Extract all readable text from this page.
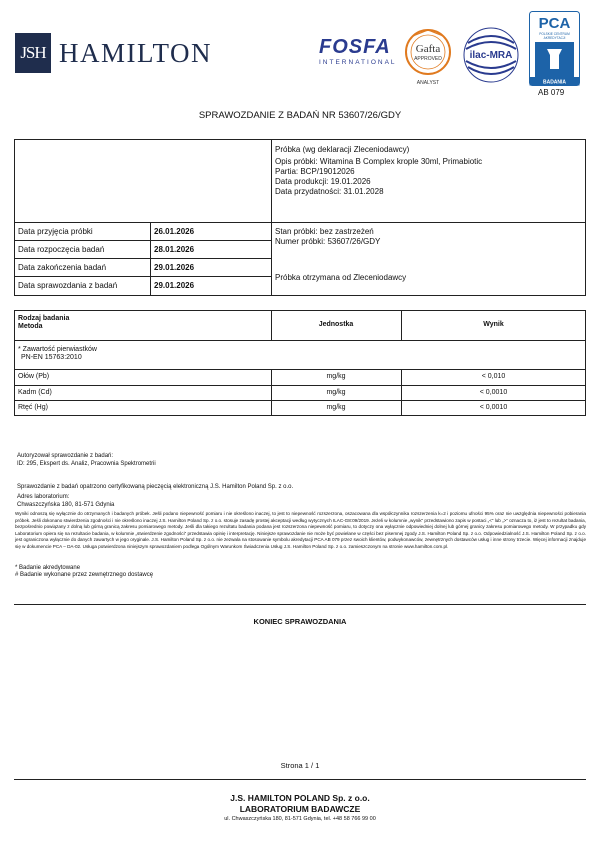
JSH HAMILTON	FOSFA
INTERNATIONAL
Gafta
APPROVED
ANALYST
ilac-MRA
PCA
POLSKIE CENTRUM
AKREDYTACJI
BADANIA
AB 079
SPRAWOZDANIE Z BADAŃ NR 53607/26/GDY
Próbka (wg deklaracji Zleceniodawcy)
Opis próbki: Witamina B Complex krople 30ml, Primabiotic
Partia: BCP/19012026
Data produkcji: 19.01.2026
Data przydatności: 31.01.2028
Stan próbki: bez zastrzeżeń
Numer próbki: 53607/26/GDY
Próbka otrzymana od Zleceniodawcy
Data przyjęcia próbki	26.01.2026
Data rozpoczęcia badań	28.01.2026
Data zakończenia badań	29.01.2026
Data sprawozdania z badań	29.01.2026
Rodzaj badania
Metoda	Jednostka	Wynik
* Zawartość pierwiastków
PN-EN 15763:2010
Ołów (Pb)	mg/kg	< 0,010
Kadm (Cd)	mg/kg	< 0,0010
Rtęć (Hg)	mg/kg	< 0,0010
Autoryzował sprawozdanie z badań:
ID: 295, Ekspert ds. Analiz, Pracownia Spektrometrii
Sprawozdanie z badań opatrzono certyfikowaną pieczęcią elektroniczną J.S. Hamilton Poland Sp. z o.o.
Adres laboratorium:
Chwaszczyńska 180, 81-571 Gdynia
Wyniki odnoszą się wyłącznie do otrzymanych i badanych próbek. Jeśli podano niepewność pomiaru i nie określono inaczej, to jest to niepewność rozszerzona, oszacowana dla współczynnika rozszerzenia k=2 i poziomu ufności 95% oraz nie uwzględnia niepewności pobierania próbek. Jeśli dokonano stwierdzenia zgodności i nie określono inaczej J.S. Hamilton Poland Sp. z o.o. stosuje zasadę prostej akceptacji według wytycznych ILAC-G8:09/2019. Jeżeli w kolumnie „wynik” przedstawiono zapis w postaci „<” lub „>” oznacza to, iż jest to rezultat badania, bezpośrednio powiązany z dolną lub górną granicą zakresu pomiarowego metody. Jeśli dla takiego rezultatu badania podana jest rozszerzona niepewność pomiaru, to dotyczy ona wyłącznie odpowiedniej dolnej lub górnej granicy zakresu pomiarowego metody. W przypadku gdy Laboratorium opiera się na rezultacie badania, w kolumnie „stwierdzenie zgodności” przedstawia opinię i interpretację. Niniejsze sprawozdanie nie może być powielane w części bez pisemnej zgody J.S. Hamilton Poland Sp. z o.o. Odpowiedzialność J.S. Hamilton Poland Sp. z o.o. jest ograniczona wyłącznie do danych zawartych w jego oryginale. J.S. Hamilton Poland Sp. z o.o. nie zezwala na stosowanie symbolu akredytacji PCA AB 079 przez swoich klientów, podwykonawców, zewnętrznych dostawców usług i inne strony trzecie. Więcej informacji znajduje się w dokumencie PCA – DA-02. Usługa potwierdzona niniejszym sprawozdaniem podlega Ogólnym Warunkom Świadczenia Usług J.S. Hamilton Poland Sp. z o.o. zamieszczonym na stronie www.hamilton.com.pl.
* Badanie akredytowane
# Badanie wykonane przez zewnętrznego dostawcę
KONIEC SPRAWOZDANIA
Strona 1 / 1
J.S. HAMILTON POLAND Sp. z o.o.
LABORATORIUM BADAWCZE
ul. Chwaszczyńska 180, 81-571 Gdynia, tel. +48 58 766 99 00
